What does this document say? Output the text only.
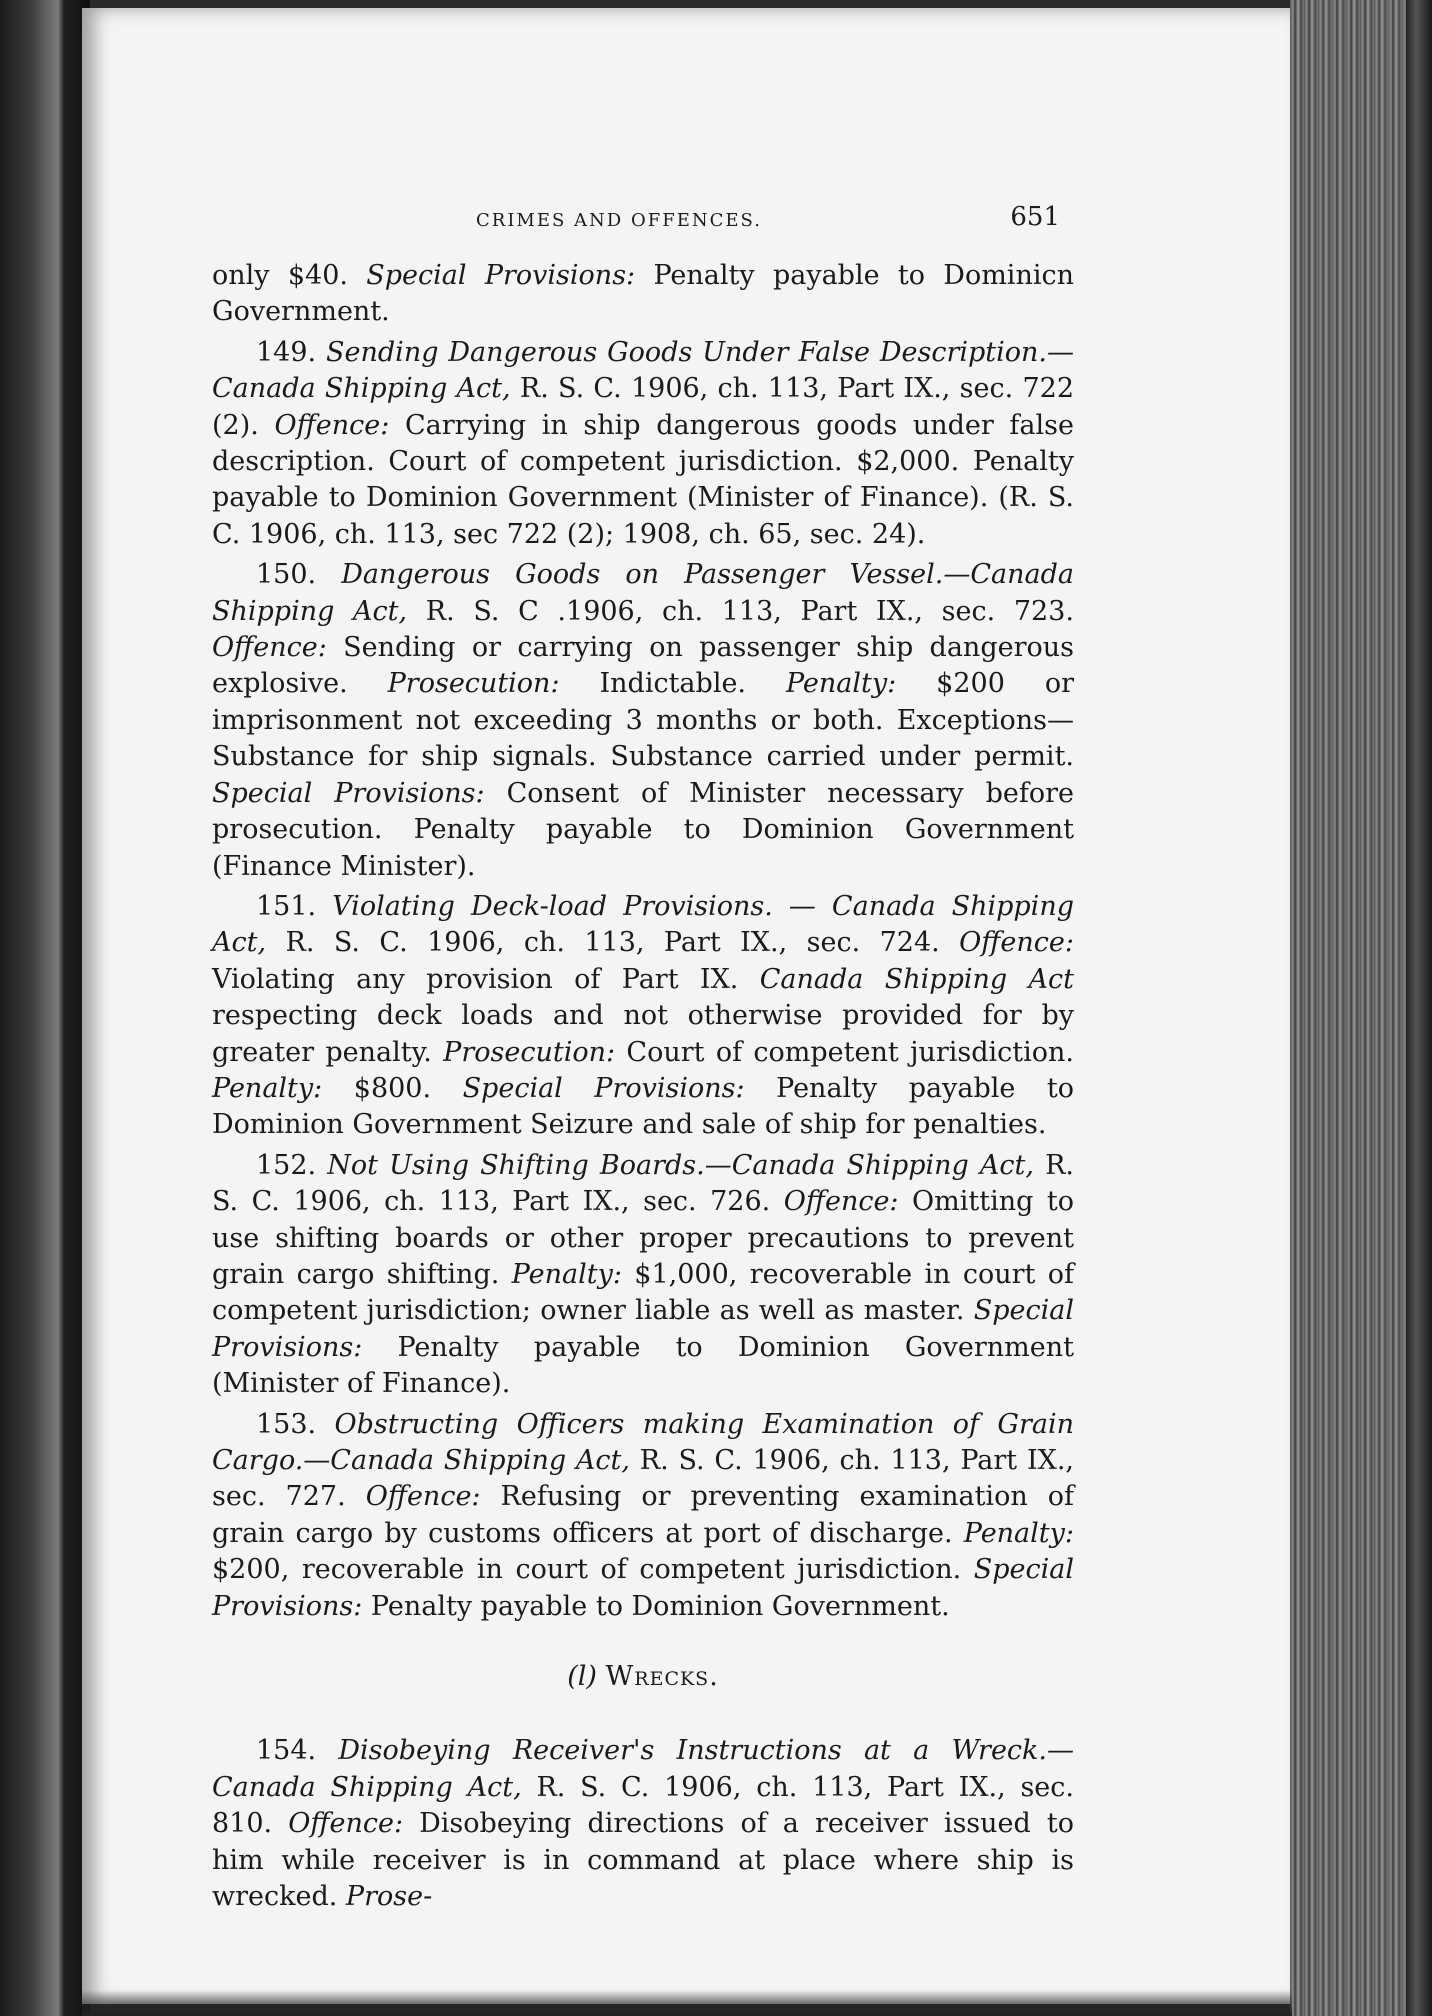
CRIMES AND OFFENCES.	651

only $40. Special Provisions: Penalty payable to Dominicn Government.

149. Sending Dangerous Goods Under False Description.—Canada Shipping Act, R. S. C. 1906, ch. 113, Part IX., sec. 722 (2). Offence: Carrying in ship dangerous goods under false description. Court of competent jurisdiction. $2,000. Penalty payable to Dominion Government (Minister of Finance). (R. S. C. 1906, ch. 113, sec 722 (2); 1908, ch. 65, sec. 24).

150. Dangerous Goods on Passenger Vessel.—Canada Shipping Act, R. S. C .1906, ch. 113, Part IX., sec. 723. Offence: Sending or carrying on passenger ship dangerous explosive. Prosecution: Indictable. Penalty: $200 or imprisonment not exceeding 3 months or both. Exceptions—Substance for ship signals. Substance carried under permit. Special Provisions: Consent of Minister necessary before prosecution. Penalty payable to Dominion Government (Finance Minister).

151. Violating Deck-load Provisions. — Canada Shipping Act, R. S. C. 1906, ch. 113, Part IX., sec. 724. Offence: Violating any provision of Part IX. Canada Shipping Act respecting deck loads and not otherwise provided for by greater penalty. Prosecution: Court of competent jurisdiction. Penalty: $800. Special Provisions: Penalty payable to Dominion Government Seizure and sale of ship for penalties.

152. Not Using Shifting Boards.—Canada Shipping Act, R. S. C. 1906, ch. 113, Part IX., sec. 726. Offence: Omitting to use shifting boards or other proper precautions to prevent grain cargo shifting. Penalty: $1,000, recoverable in court of competent jurisdiction; owner liable as well as master. Special Provisions: Penalty payable to Dominion Government (Minister of Finance).

153. Obstructing Officers making Examination of Grain Cargo.—Canada Shipping Act, R. S. C. 1906, ch. 113, Part IX., sec. 727. Offence: Refusing or preventing examination of grain cargo by customs officers at port of discharge. Penalty: $200, recoverable in court of competent jurisdiction. Special Provisions: Penalty payable to Dominion Government.

(l) Wrecks.

154. Disobeying Receiver's Instructions at a Wreck.—Canada Shipping Act, R. S. C. 1906, ch. 113, Part IX., sec. 810. Offence: Disobeying directions of a receiver issued to him while receiver is in command at place where ship is wrecked. Prose-
